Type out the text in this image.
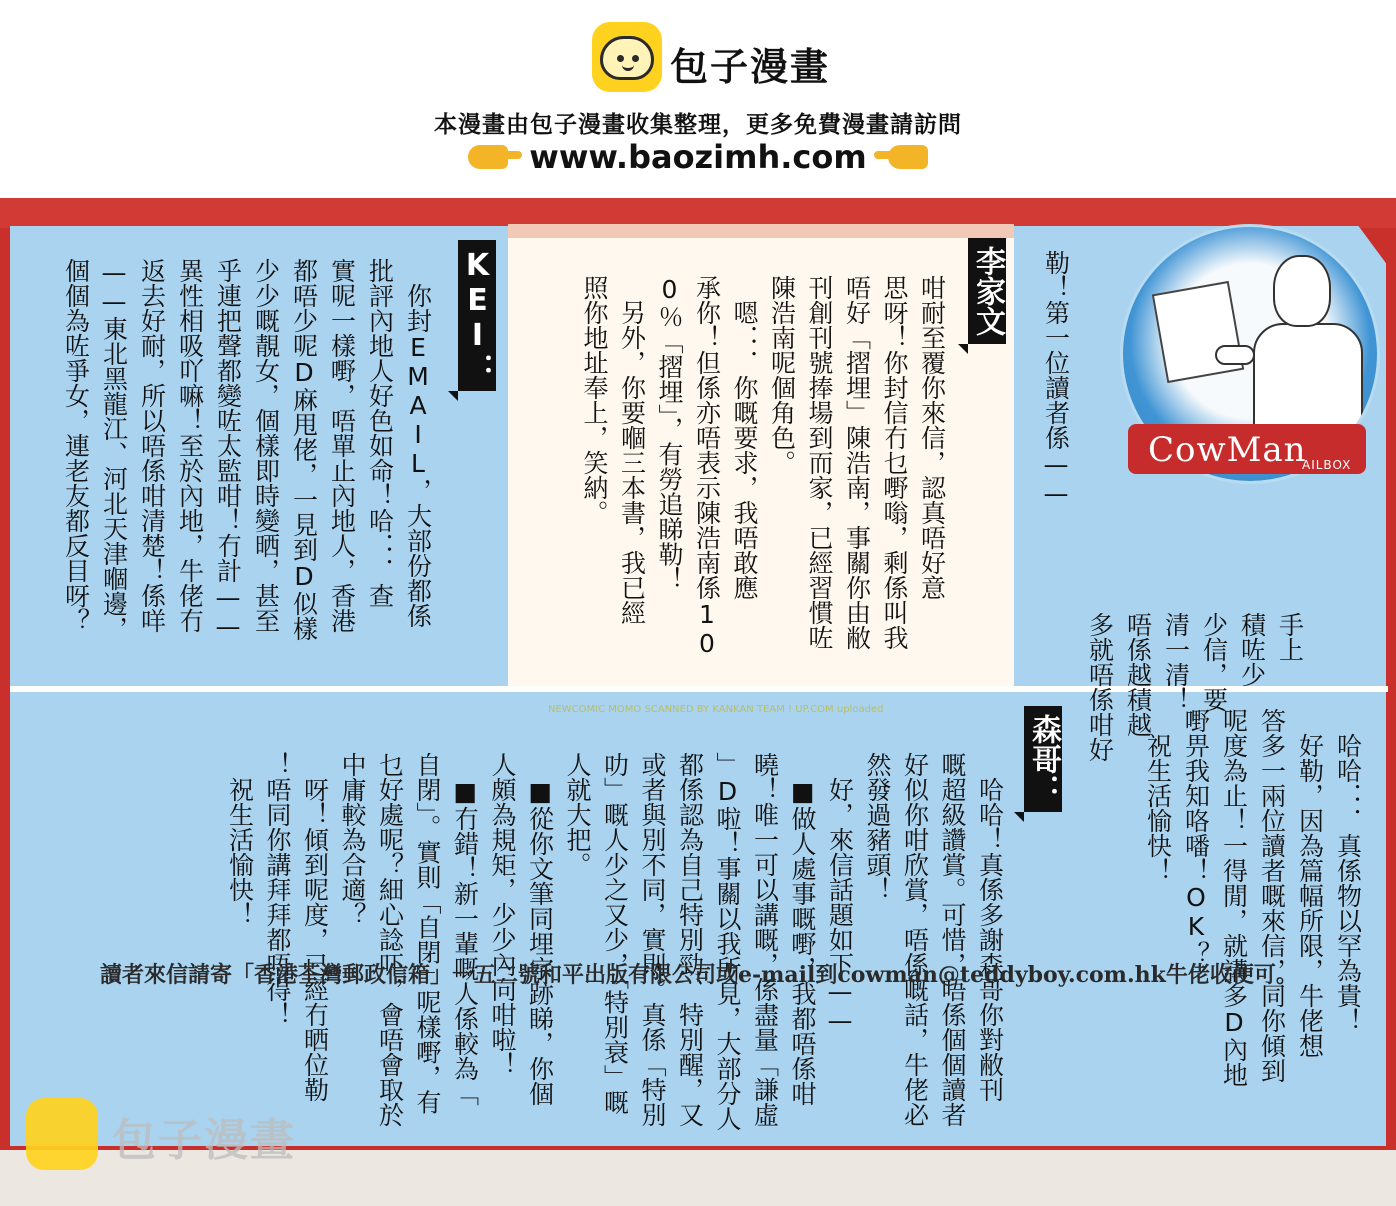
包子漫畫
本漫畫由包子漫畫收集整理，更多免費漫畫請訪問
www.baozimh.com
CowMan
AILBOX
勒！第一位讀者係——
手上
積咗少
少信，要
清一清！
唔係越積越
多就唔係咁好
李家文
咁耐至覆你來信，認真唔好意
思呀！你封信冇乜嘢嗡，剩係叫我
唔好「摺埋」陳浩南，事關你由敝
刊創刊號捧場到而家，已經習慣咗
陳浩南呢個角色。
　嗯．．．你嘅要求，我唔敢應
承你！但係亦唔表示陳浩南係10
0％「摺埋」，有勞追睇勒！
　另外，你要嗰三本書，我已經
照你地址奉上，笑納。
KEI：
　你封EMAIL，大部份都係
批評內地人好色如命！哈．．．查
實呢一樣嘢，唔單止內地人，香港
都唔少呢D麻甩佬，一見到D似樣
少少嘅靚女，個樣即時變晒，甚至
乎連把聲都變咗太監咁！冇計——
異性相吸吖嘛！至於內地，牛佬冇
返去好耐，所以唔係咁清楚！係咩
——東北黑龍江、河北天津嗰邊，
個個為咗爭女，連老友都反目呀？
　哈哈．．．真係物以罕為貴！
　好勒，因為篇幅所限，牛佬想
答多一兩位讀者嘅來信，同你傾到
呢度為止！一得閒，就講多D內地
嘢畀我知咯噃！OK？
　祝生活愉快！
森哥：
　哈哈！真係多謝森哥你對敝刊
嘅超級讚賞。可惜，唔係個個讀者
好似你咁欣賞，唔係嘅話，牛佬必
然發過豬頭！
　好，來信話題如下——
　■做人處事嘅嘢，我都唔係咁
曉！唯一可以講嘅，係盡量「謙虛
」D啦！事關以我所見，大部分人
都係認為自己特別勁、特別醒，又
或者與別不同，實則。真係「特別
叻」嘅人少之又少，「特別衰」嘅
人就大把。
　■從你文筆同埋字跡睇，你個
人頗為規矩，少少內向咁啦！
　■冇錯！新一輩嘅人係較為「
自閉」。實則「自閉」呢樣嘢，有
乜好處呢？細心諗吓，會唔會取於
中庸較為合適？
　呀！傾到呢度，已經冇晒位勒
！唔同你講拜拜都唔得！
　祝生活愉快！
NEWCOMIC MOMO SCANNED BY KANKAN TEAM ! UP.COM uploaded
讀者來信請寄「香港荃灣郵政信箱」一五二號和平出版有限公司或e-mail到cowman@teddyboy.com.hk牛佬收便可。
包子漫畫
